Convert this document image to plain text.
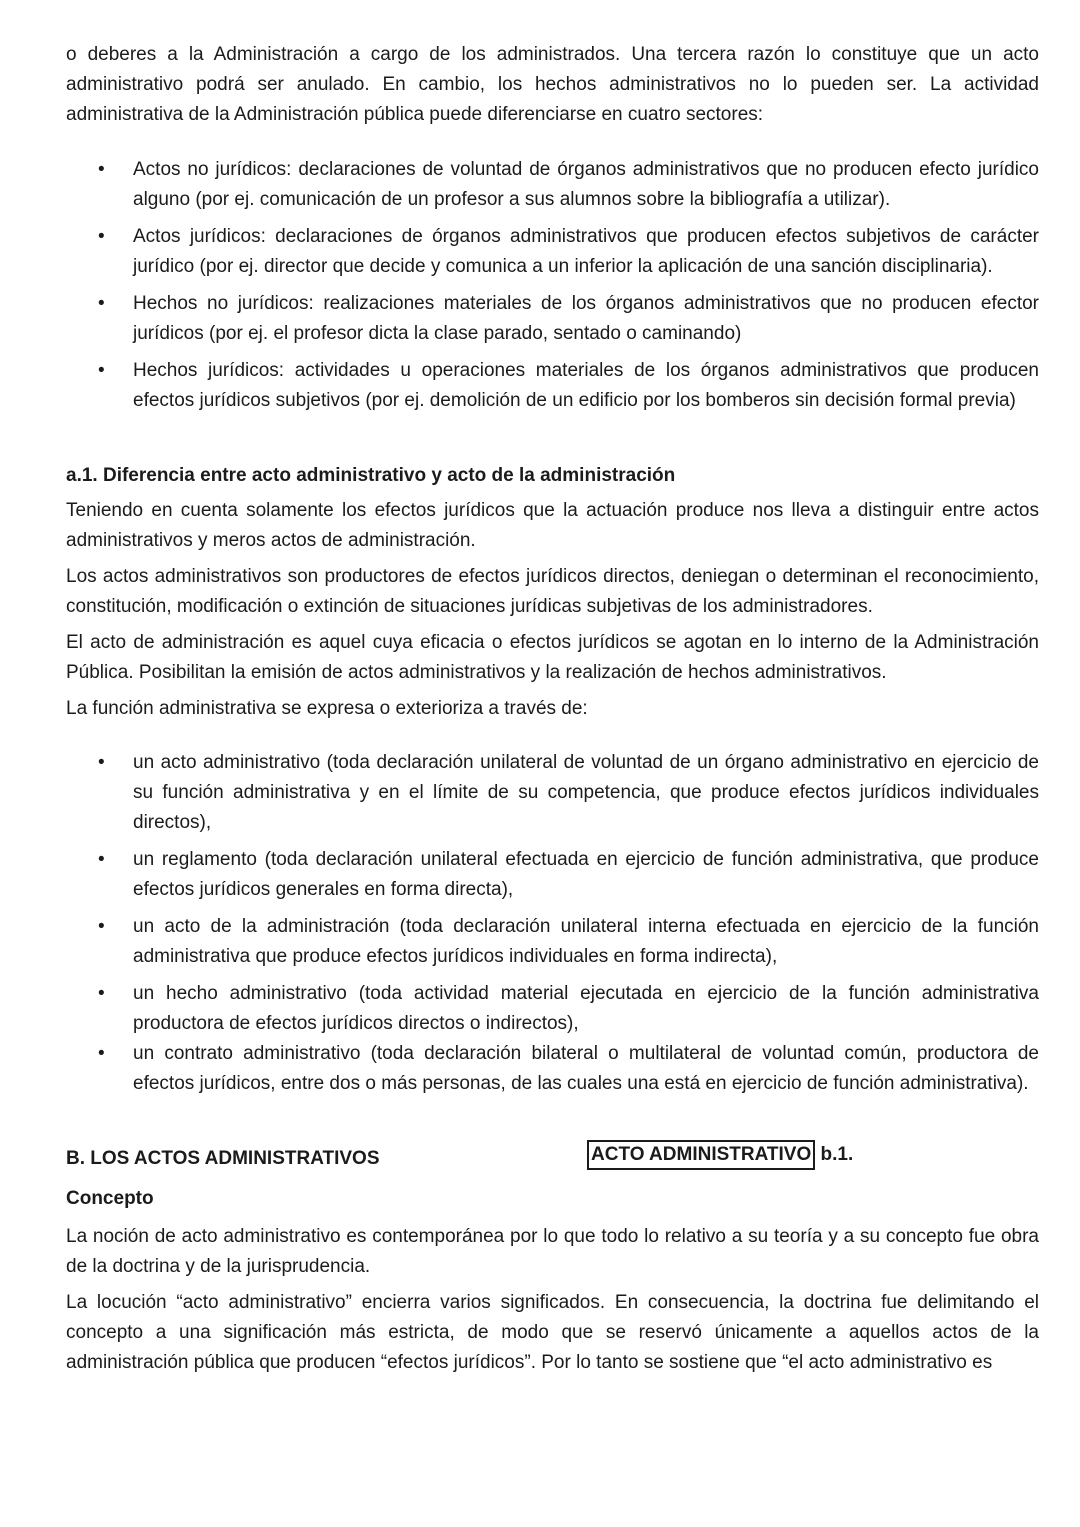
o deberes a la Administración a cargo de los administrados. Una tercera razón lo constituye que un acto administrativo podrá ser anulado. En cambio, los hechos administrativos no lo pueden ser. La actividad administrativa de la Administración pública puede diferenciarse en cuatro sectores:

• Actos no jurídicos: declaraciones de voluntad de órganos administrativos que no producen efecto jurídico alguno (por ej. comunicación de un profesor a sus alumnos sobre la bibliografía a utilizar).
• Actos jurídicos: declaraciones de órganos administrativos que producen efectos subjetivos de carácter jurídico (por ej. director que decide y comunica a un inferior la aplicación de una sanción disciplinaria).
• Hechos no jurídicos: realizaciones materiales de los órganos administrativos que no producen efector jurídicos (por ej. el profesor dicta la clase parado, sentado o caminando)
• Hechos jurídicos: actividades u operaciones materiales de los órganos administrativos que producen efectos jurídicos subjetivos (por ej. demolición de un edificio por los bomberos sin decisión formal previa)
a.1. Diferencia entre acto administrativo y acto de la administración

Teniendo en cuenta solamente los efectos jurídicos que la actuación produce nos lleva a distinguir entre actos administrativos y meros actos de administración.

Los actos administrativos son productores de efectos jurídicos directos, deniegan o determinan el reconocimiento, constitución, modificación o extinción de situaciones jurídicas subjetivas de los administradores.

El acto de administración es aquel cuya eficacia o efectos jurídicos se agotan en lo interno de la Administración Pública. Posibilitan la emisión de actos administrativos y la realización de hechos administrativos.

La función administrativa se expresa o exterioriza a través de:

• un acto administrativo (toda declaración unilateral de voluntad de un órgano administrativo en ejercicio de su función administrativa y en el límite de su competencia, que produce efectos jurídicos individuales directos),
• un reglamento (toda declaración unilateral efectuada en ejercicio de función administrativa, que produce efectos jurídicos generales en forma directa),
• un acto de la administración (toda declaración unilateral interna efectuada en ejercicio de la función administrativa que produce efectos jurídicos individuales en forma indirecta),
• un hecho administrativo (toda actividad material ejecutada en ejercicio de la función administrativa productora de efectos jurídicos directos o indirectos),
• un contrato administrativo (toda declaración bilateral o multilateral de voluntad común, productora de efectos jurídicos, entre dos o más personas, de las cuales una está en ejercicio de función administrativa).
B. LOS ACTOS ADMINISTRATIVOS	ACTO ADMINISTRATIVO b.1.
Concepto

La noción de acto administrativo es contemporánea por lo que todo lo relativo a su teoría y a su concepto fue obra de la doctrina y de la jurisprudencia.

La locución “acto administrativo” encierra varios significados. En consecuencia, la doctrina fue delimitando el concepto a una significación más estricta, de modo que se reservó únicamente a aquellos actos de la administración pública que producen “efectos jurídicos”. Por lo tanto se sostiene que “el acto administrativo es
